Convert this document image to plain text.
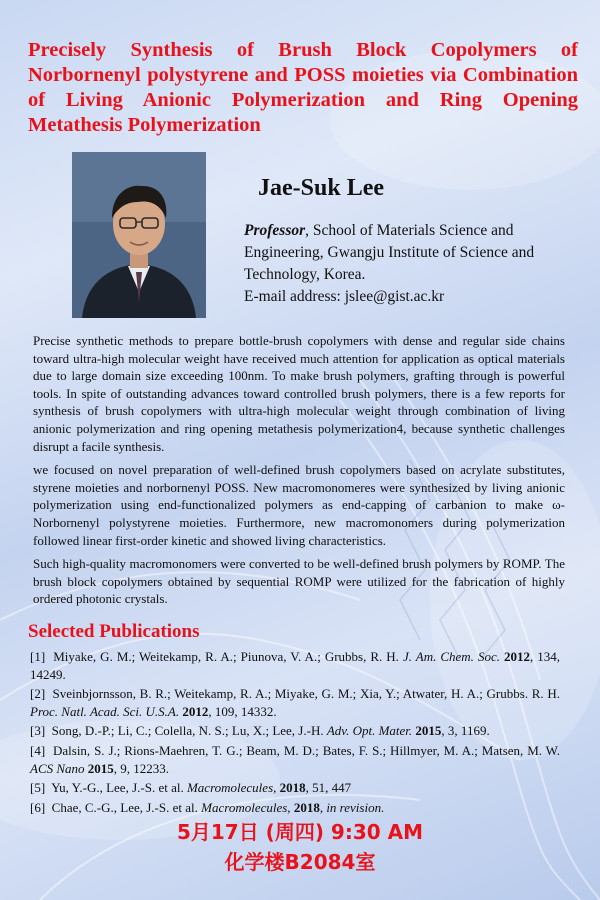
Precisely Synthesis of Brush Block Copolymers of Norbornenyl polystyrene and POSS moieties via Combination of Living Anionic Polymerization and Ring Opening Metathesis Polymerization
Jae-Suk Lee
Professor, School of Materials Science and Engineering, Gwangju Institute of Science and Technology, Korea.
E-mail address: jslee@gist.ac.kr

Precise synthetic methods to prepare bottle-brush copolymers with dense and regular side chains toward ultra-high molecular weight have received much attention for application as optical materials due to large domain size exceeding 100nm. To make brush polymers, grafting through is powerful tools. In spite of outstanding advances toward controlled brush polymers, there is a few reports for synthesis of brush copolymers with ultra-high molecular weight through combination of living anionic polymerization and ring opening metathesis polymerization4, because synthetic challenges disrupt a facile synthesis.

we focused on novel preparation of well-defined brush copolymers based on acrylate substitutes, styrene moieties and norbornenyl POSS. New macromonomeres were synthesized by living anionic polymerization using end-functionalized polymers as end-capping of carbanion to make ω-Norbornenyl polystyrene moieties. Furthermore, new macromonomers during polymerization followed linear first-order kinetic and showed living characteristics.

Such high-quality macromonomers were converted to be well-defined brush polymers by ROMP. The brush block copolymers obtained by sequential ROMP were utilized for the fabrication of highly ordered photonic crystals.

Selected Publications
[1] Miyake, G. M.; Weitekamp, R. A.; Piunova, V. A.; Grubbs, R. H. J. Am. Chem. Soc. 2012, 134, 14249.
[2] Sveinbjornsson, B. R.; Weitekamp, R. A.; Miyake, G. M.; Xia, Y.; Atwater, H. A.; Grubbs. R. H. Proc. Natl. Acad. Sci. U.S.A. 2012, 109, 14332.
[3] Song, D.-P.; Li, C.; Colella, N. S.; Lu, X.; Lee, J.-H. Adv. Opt. Mater. 2015, 3, 1169.
[4] Dalsin, S. J.; Rions-Maehren, T. G.; Beam, M. D.; Bates, F. S.; Hillmyer, M. A.; Matsen, M. W. ACS Nano 2015, 9, 12233.
[5] Yu, Y.-G., Lee, J.-S. et al. Macromolecules, 2018, 51, 447
[6] Chae, C.-G., Lee, J.-S. et al. Macromolecules, 2018, in revision.
5月17日 (周四) 9:30 AM
化学楼B2084室
